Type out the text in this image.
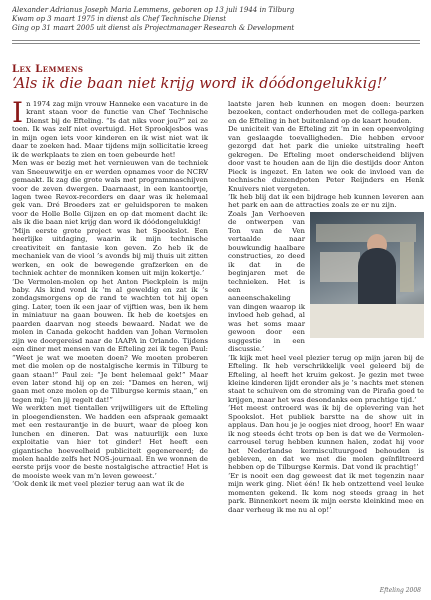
Alexander Adrianus Joseph Maria Lemmens, geboren op 13 juli 1944 in Tilburg
Kwam op 3 maart 1975 in dienst als Chef Technische Dienst
Ging op 31 maart 2005 uit dienst als Projectmanager Research & Development
Lex Lemmens
‘Als ik die baan niet krijg word ik dóódongelukkig!’

In 1974 zag mijn vrouw Hanneke een vacature in de krant staan voor de functie van Chef Technische Dienst bij de Efteling. “Is dat niks voor jou?” zei ze toen. Ik was zelf niet overtuigd. Het Sprookjesbos was in mijn ogen iets voor kinderen en ik wist niet wat ik daar te zoeken had. Maar tijdens mijn sollicitatie kreeg ik de werkplaats te zien en toen gebeurde het!

Men was er bezig met het vernieuwen van de techniek van Sneeuwwitje en er werden opnames voor de NCRV gemaakt. Ik zag die grote wals met programmaschijven voor de zeven dwergen. Daarnaast, in een kantoortje, lagen twee Revox-recorders en daar was ik helemaal gek van. Dré Broeders zat er geluidsporen te maken voor de Holle Bolle Gijzen en op dat moment dacht ik: als ik die baan niet krijg dan word ik dóódongelukkig!

‘Mijn eerste grote project was het Spookslot. Een heerlijke uitdaging, waarin ik mijn technische creativiteit en fantasie kon geven. Zo heb ik de mechaniek van de viool ’s avonds bij mij thuis uit zitten werken, en ook de bewegende grafzerken en de techniek achter de monniken komen uit mijn kokertje.’

‘De Vermolen-molen op het Anton Pieckplein is mijn baby. Als kind vond ik ’m al geweldig en zat ik ’s zondagsmorgens op de rand te wachten tot hij open ging. Later, toen ik een jaar of vijftien was, ben ik hem in miniatuur na gaan bouwen. Ik heb de koetsjes en paarden daarvan nog steeds bewaard. Nadat we de molen in Canada gekocht hadden van Johan Vermolen zijn we doorgereisd naar de IAAPA in Orlando. Tijdens een diner met mensen van de Efteling zei ik tegen Paul: “Weet je wat we moeten doen? We moeten proberen met die molen op de nostalgische kermis in Tilburg te gaan staan!” Paul zei: “Je bent helemaal gek!” Maar even later stond hij op en zei: “Dames en heren, wij gaan met onze molen op de Tilburgse kermis staan,” en tegen mij: “en jij regelt dat!”

We werkten met tientallen vrijwilligers uit de Efteling in ploegendiensten. We hadden een afspraak gemaakt met een restaurantje in de buurt, waar de ploeg kon lunchen en dineren. Dat was natuurlijk een luxe exploitatie van hier tot ginder! Het heeft een gigantische hoeveelheid publiciteit gegenereerd; de molen haalde zelfs het NOS-journaal. En we wonnen de eerste prijs voor de beste nostalgische attractie! Het is de mooiste week van m’n leven geweest.’

‘Ook denk ik met veel plezier terug aan wat ik de

laatste jaren heb kunnen en mogen doen: beurzen bezoeken, contact onderhouden met de collega-parken en de Efteling in het buitenland op de kaart houden.

De uniciteit van de Efteling zit ’m in een opeenvolging van geslaagde toevalligheden. Die hebben ervoor gezorgd dat het park die unieke uitstraling heeft gekregen. De Efteling moet onderscheidend blijven door vast te houden aan de lijn die destijds door Anton Pieck is ingezet. En laten we ook de invloed van de technische duizendpoten Peter Reijnders en Henk Knuivers niet vergeten.

‘Ik heb blij dat ik een bijdrage heb kunnen leveren aan het park en aan de attracties zoals ze er nu zijn.

Zoals Jan Verhoeven de ontwerpen van Ton van de Ven vertaalde naar bouwkundig haalbare constructies, zo deed ik dat in de beginjaren met de technieken. Het is een aaneenschakeling van dingen waarop ik invloed heb gehad, al was het soms maar gewoon door een suggestie in een discussie.’

‘Ik kijk met heel veel plezier terug op mijn jaren bij de Efteling. Ik heb verschrikkelijk veel geleerd bij de Efteling, al heeft het kruim gekost. Je gezin met twee kleine kinderen lijdt eronder als je ’s nachts met stenen staat te schuiven om de stroming van de Piraña goed te krijgen, maar het was desondanks een prachtige tijd.’

‘Het meest ontroerd was ik bij de oplevering van het Spookslot. Het publiek barstte na de show uit in applaus. Dan hou je je oogjes niet droog, hoor! En waar ik nog steeds écht trots op ben is dat we de Vermolen-carrousel terug hebben kunnen halen, zodat hij voor het Nederlandse kermiscultuurgoed behouden is gebleven, en dat we met die molen geïnfiltreerd hebben op de Tilburgse Kermis. Dat vond ik prachtig!’

‘Er is nooit een dag geweest dat ik met tegenzin naar mijn werk ging. Niet één! Ik heb ontzettend veel leuke momenten gekend. Ik kom nog steeds graag in het park. Binnenkort neem ik mijn eerste kleinkind mee en daar verheug ik me nu al op!’

Efteling 2008
